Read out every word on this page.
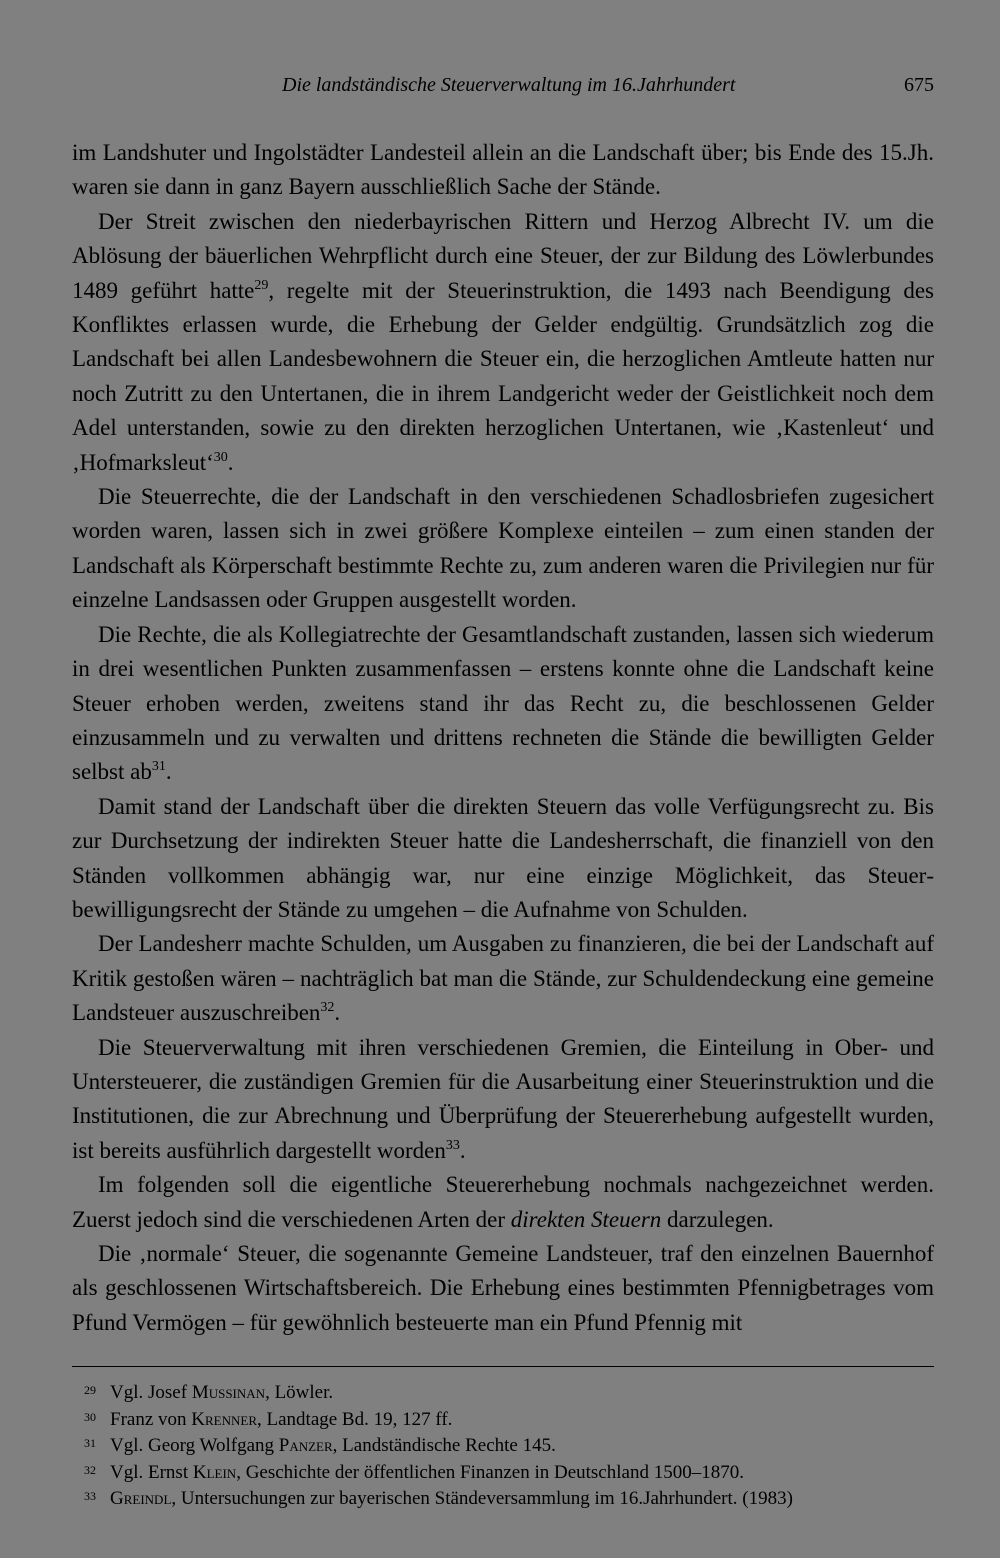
Die landständische Steuerverwaltung im 16.Jahrhundert	675

im Landshuter und Ingolstädter Landesteil allein an die Landschaft über; bis Ende des 15.Jh. waren sie dann in ganz Bayern ausschließlich Sache der Stände.

Der Streit zwischen den niederbayrischen Rittern und Herzog Albrecht IV. um die Ablösung der bäuerlichen Wehrpflicht durch eine Steuer, der zur Bildung des Löwlerbundes 1489 geführt hatte$^{29}$, regelte mit der Steuerinstruktion, die 1493 nach Beendigung des Konfliktes erlassen wurde, die Erhebung der Gelder endgültig. Grundsätzlich zog die Landschaft bei allen Landesbewohnern die Steuer ein, die herzoglichen Amtleute hatten nur noch Zutritt zu den Untertanen, die in ihrem Landgericht weder der Geistlichkeit noch dem Adel unterstanden, sowie zu den direkten herzoglichen Untertanen, wie ‚Kastenleut‘ und ‚Hofmarksleut‘$^{30}$.

Die Steuerrechte, die der Landschaft in den verschiedenen Schadlosbriefen zugesichert worden waren, lassen sich in zwei größere Komplexe einteilen – zum einen standen der Landschaft als Körperschaft bestimmte Rechte zu, zum anderen waren die Privilegien nur für einzelne Landsassen oder Gruppen ausgestellt worden.

Die Rechte, die als Kollegiatrechte der Gesamtlandschaft zustanden, lassen sich wiederum in drei wesentlichen Punkten zusammenfassen – erstens konnte ohne die Landschaft keine Steuer erhoben werden, zweitens stand ihr das Recht zu, die beschlossenen Gelder einzusammeln und zu verwalten und drittens rechneten die Stände die bewilligten Gelder selbst $ab^{31}$.

Damit stand der Landschaft über die direkten Steuern das volle Verfügungsrecht zu. Bis zur Durchsetzung der indirekten Steuer hatte die Landesherrschaft, die finanziell von den Ständen vollkommen abhängig war, nur eine einzige Möglichkeit, das Steuerbewilligungsrecht der Stände zu umgehen – die Aufnahme von Schulden.

Der Landesherr machte Schulden, um Ausgaben zu finanzieren, die bei der Landschaft auf Kritik gestoßen wären – nachträglich bat man die Stände, zur Schuldendeckung eine gemeine Landsteuer auszuschreiben$^{32}$.

Die Steuerverwaltung mit ihren verschiedenen Gremien, die Einteilung in Ober- und Untersteuerer, die zuständigen Gremien für die Ausarbeitung einer Steuerinstruktion und die Institutionen, die zur Abrechnung und Überprüfung der Steuererhebung aufgestellt wurden, ist bereits ausführlich dargestellt worden$^{33}$.

Im folgenden soll die eigentliche Steuererhebung nochmals nachgezeichnet werden. Zuerst jedoch sind die verschiedenen Arten der direkten Steuern darzulegen.

Die ‚normale‘ Steuer, die sogenannte Gemeine Landsteuer, traf den einzelnen Bauernhof als geschlossenen Wirtschaftsbereich. Die Erhebung eines bestimmten Pfennigbetrages vom Pfund Vermögen – für gewöhnlich besteuerte man ein Pfund Pfennig mit

29 Vgl. Josef Mussinan, Löwler.
30 Franz von Krenner, Landtage Bd. 19, 127 ff.
31 Vgl. Georg Wolfgang Panzer, Landständische Rechte 145.
32 Vgl. Ernst Klein, Geschichte der öffentlichen Finanzen in Deutschland 1500–1870.
33 Greindl, Untersuchungen zur bayerischen Ständeversammlung im 16.Jahrhundert. (1983)
